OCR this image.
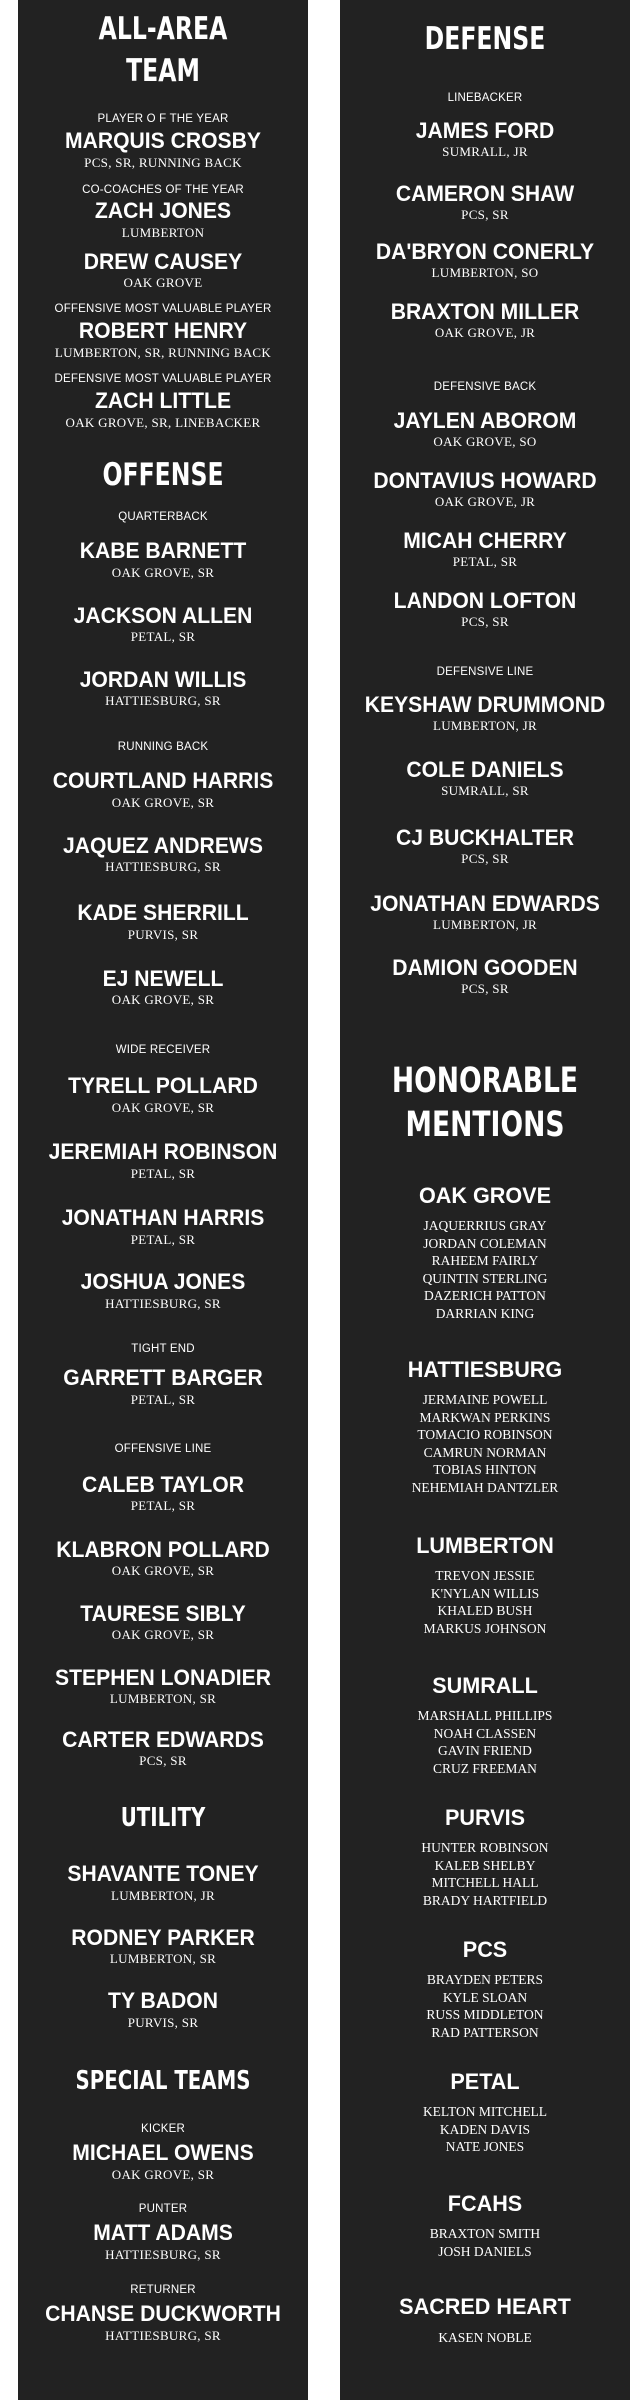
ALL-AREA
TEAM
PLAYER O F THE YEAR
MARQUIS CROSBY
PCS, SR, RUNNING BACK
CO-COACHES OF THE YEAR
ZACH JONES
LUMBERTON
DREW CAUSEY
OAK GROVE
OFFENSIVE MOST VALUABLE PLAYER
ROBERT HENRY
LUMBERTON, SR, RUNNING BACK
DEFENSIVE MOST VALUABLE PLAYER
ZACH LITTLE
OAK GROVE, SR, LINEBACKER
OFFENSE
QUARTERBACK
KABE BARNETT
OAK GROVE, SR
JACKSON ALLEN
PETAL, SR
JORDAN WILLIS
HATTIESBURG, SR
RUNNING BACK
COURTLAND HARRIS
OAK GROVE, SR
JAQUEZ ANDREWS
HATTIESBURG, SR
KADE SHERRILL
PURVIS, SR
EJ NEWELL
OAK GROVE, SR
WIDE RECEIVER
TYRELL POLLARD
OAK GROVE, SR
JEREMIAH ROBINSON
PETAL, SR
JONATHAN HARRIS
PETAL, SR
JOSHUA JONES
HATTIESBURG, SR
TIGHT END
GARRETT BARGER
PETAL, SR
OFFENSIVE LINE
CALEB TAYLOR
PETAL, SR
KLABRON POLLARD
OAK GROVE, SR
TAURESE SIBLY
OAK GROVE, SR
STEPHEN LONADIER
LUMBERTON, SR
CARTER EDWARDS
PCS, SR
UTILITY
SHAVANTE TONEY
LUMBERTON, JR
RODNEY PARKER
LUMBERTON, SR
TY BADON
PURVIS, SR
SPECIAL TEAMS
KICKER
MICHAEL OWENS
OAK GROVE, SR
PUNTER
MATT ADAMS
HATTIESBURG, SR
RETURNER
CHANSE DUCKWORTH
HATTIESBURG, SR
DEFENSE
LINEBACKER
JAMES FORD
SUMRALL, JR
CAMERON SHAW
PCS, SR
DA'BRYON CONERLY
LUMBERTON, SO
BRAXTON MILLER
OAK GROVE, JR
DEFENSIVE BACK
JAYLEN ABORОM
OAK GROVE, SO
DONTAVIUS HOWARD
OAK GROVE, JR
MICAH CHERRY
PETAL, SR
LANDON LOFTON
PCS, SR
DEFENSIVE LINE
KEYSHAW DRUMMOND
LUMBERTON, JR
COLE DANIELS
SUMRALL, SR
CJ BUCKHALTER
PCS, SR
JONATHAN EDWARDS
LUMBERTON, JR
DAMION GOODEN
PCS, SR
HONORABLE
MENTIONS
OAK GROVE
JAQUERRIUS GRAY
JORDAN COLEMAN
RAHEEM FAIRLY
QUINTIN STERLING
DAZERICH PATTON
DARRIAN KING
HATTIESBURG
JERMAINE POWELL
MARKWAN PERKINS
TOMACIO ROBINSON
CAMRUN NORMAN
TOBIAS HINTON
NEHEMIAH DANTZLER
LUMBERTON
TREVON JESSIE
K'NYLAN WILLIS
KHALED BUSH
MARKUS JOHNSON
SUMRALL
MARSHALL PHILLIPS
NOAH CLASSEN
GAVIN FRIEND
CRUZ FREEMAN
PURVIS
HUNTER ROBINSON
KALEB SHELBY
MITCHELL HALL
BRADY HARTFIELD
PCS
BRAYDEN PETERS
KYLE SLOAN
RUSS MIDDLETON
RAD PATTERSON
PETAL
KELTON MITCHELL
KADEN DAVIS
NATE JONES
FCAHS
BRAXTON SMITH
JOSH DANIELS
SACRED HEART
KASEN NOBLE
